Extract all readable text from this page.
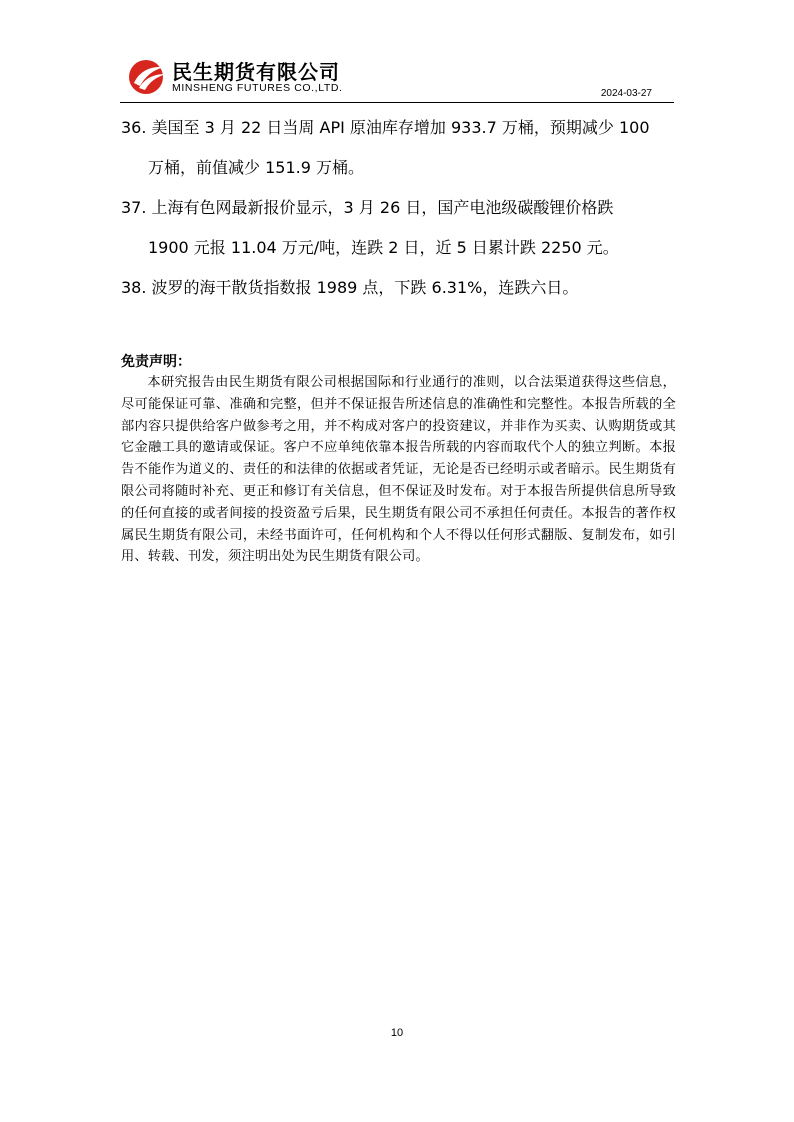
民生期货有限公司
MINSHENG FUTURES CO.,LTD.	2024-03-27
36. 美国至 3 月 22 日当周 API 原油库存增加 933.7 万桶，预期减少 100
万桶，前值减少 151.9 万桶。
37. 上海有色网最新报价显示，3 月 26 日，国产电池级碳酸锂价格跌
1900 元报 11.04 万元/吨，连跌 2 日，近 5 日累计跌 2250 元。
38. 波罗的海干散货指数报 1989 点，下跌 6.31%，连跌六日。

免责声明：

本研究报告由民生期货有限公司根据国际和行业通行的准则，以合法渠道获得这些信息，尽可能保证可靠、准确和完整，但并不保证报告所述信息的准确性和完整性。本报告所载的全部内容只提供给客户做参考之用，并不构成对客户的投资建议，并非作为买卖、认购期货或其它金融工具的邀请或保证。客户不应单纯依靠本报告所载的内容而取代个人的独立判断。本报告不能作为道义的、责任的和法律的依据或者凭证，无论是否已经明示或者暗示。民生期货有限公司将随时补充、更正和修订有关信息，但不保证及时发布。对于本报告所提供信息所导致的任何直接的或者间接的投资盈亏后果，民生期货有限公司不承担任何责任。本报告的著作权属民生期货有限公司，未经书面许可，任何机构和个人不得以任何形式翻版、复制发布，如引用、转载、刊发，须注明出处为民生期货有限公司。

10
